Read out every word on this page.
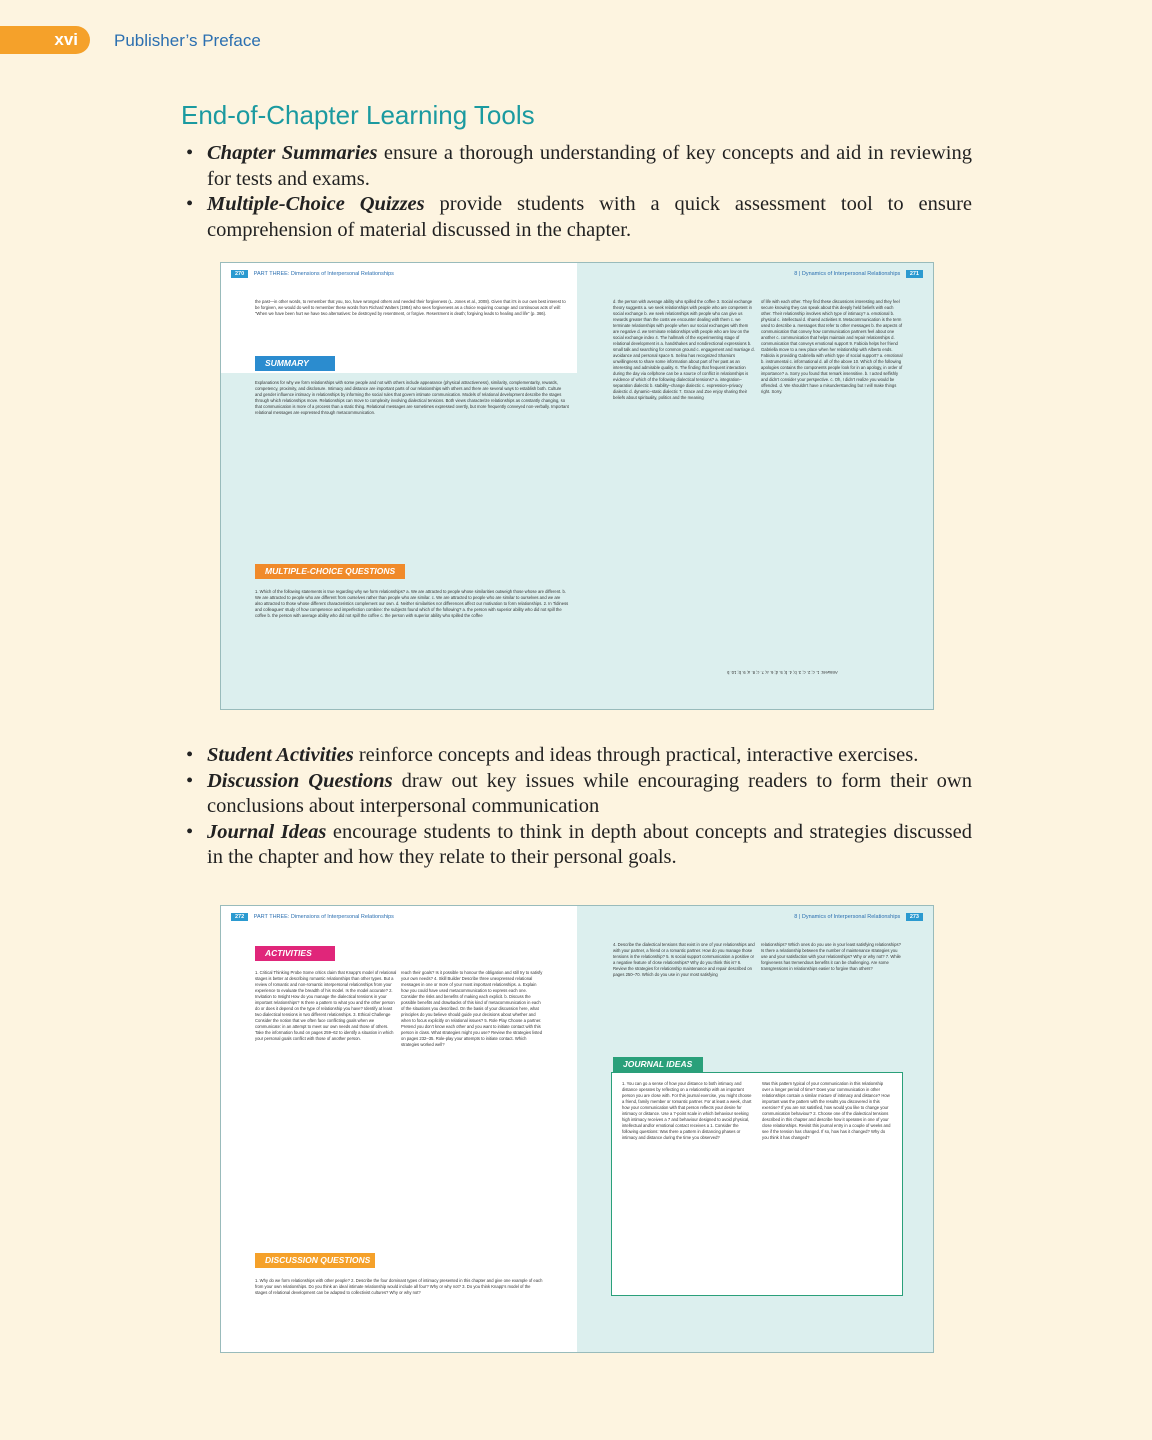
xvi Publisher’s Preface
End-of-Chapter Learning Tools
• Chapter Summaries ensure a thorough understanding of key concepts and aid in reviewing for tests and exams.
• Multiple-Choice Quizzes provide students with a quick assessment tool to ensure comprehension of material discussed in the chapter.
270 PART THREE: Dimensions of Interpersonal Relationships
the past—in other words, to remember that you, too, have wronged others and needed their forgiveness (L. Jones et al., 2008). Given that it’s in our own best interest to be forgiven, we would do well to remember these words from Richard Walters (1984) who sees forgiveness as a choice requiring courage and continuous acts of will: “When we have been hurt we have two alternatives: be destroyed by resentment, or forgive. Resentment is death; forgiving leads to healing and life” (p. 366).
SUMMARY
Explanations for why we form relationships with some people and not with others include appearance (physical attractiveness), similarity, complementarity, rewards, competency, proximity, and disclosure. Intimacy and distance are important parts of our relationships with others and there are several ways to establish both. Culture and gender influence intimacy in relationships by informing the social rules that govern intimate communication. Models of relational development describe the stages through which relationships move. Relationships can move to complexity involving dialectical tensions. Both views characterize relationships as constantly changing, so that communication is more of a process than a static thing. Relational messages are sometimes expressed overtly, but more frequently conveyed non-verbally. Important relational messages are expressed through metacommunication.
MULTIPLE-CHOICE QUESTIONS
1. Which of the following statements is true regarding why we form relationships? a. We are attracted to people whose similarities outweigh those whose are different. b. We are attracted to people who are different from ourselves rather than people who are similar. c. We are attracted to people who are similar to ourselves and we are also attracted to those whose different characteristics complement our own. d. Neither similarities nor differences affect our motivation to form relationships. 2. In Tidiness and colleagues’ study of how competence and imperfection combine: the subjects found which of the following? a. the person with superior ability who did not spill the coffee b. the person with average ability who did not spill the coffee c. the person with superior ability who spilled the coffee
8 | Dynamics of Interpersonal Relationships 271
d. the person with average ability who spilled the coffee 3. Social exchange theory suggests a. we seek relationships with people who are competent in social exchange b. we seek relationships with people who can give us rewards greater than the costs we encounter dealing with them c. we terminate relationships with people when our social exchanges with them are negative d. we terminate relationships with people who are low on the social exchange index 4. The hallmark of the experimenting stage of relational development is a. handshakes and nondirectional expressions b. small talk and searching for common ground c. engagement and marriage d. avoidance and personal space 5. Selina has recognized Shamia’s unwillingness to share some information about part of her past as an interesting and admirable quality. 6. The finding that frequent interaction during the day via cellphone can be a source of conflict in relationships is evidence of which of the following dialectical tensions? a. integration–separation dialectic b. stability–change dialectic c. expression–privacy dialectic d. dynamic–static dialectic 7. Grace and Zoe enjoy sharing their beliefs about spirituality, politics and the meaning
of life with each other. They find these discussions interesting and they feel secure knowing they can speak about this deeply held beliefs with each other. Their relationship involves which type of intimacy? a. emotional b. physical c. intellectual d. shared activities 8. Metacommunication is the term used to describe a. messages that refer to other messages b. the aspects of communication that convey how communication partners feel about one another c. communication that helps maintain and repair relationships d. communication that conveys emotional support 9. Fabiola helps her friend Gabriella move to a new place when her relationship with Alberto ends. Fabiola is providing Gabriella with which type of social support? a. emotional b. instrumental c. informational d. all of the above 10. Which of the following apologies contains the components people look for in an apology, in order of importance? a. Sorry you found that remark insensitive. b. I acted selfishly and didn’t consider your perspective. c. Oh, I didn’t realize you would be offended. d. We shouldn’t have a misunderstanding but I will make things right. Sorry.
Answers: 1. c; 2. c; 3. b; 4. b; 5. d; 6. a; 7. c; 8. a; 9. b; 10. b
• Student Activities reinforce concepts and ideas through practical, interactive exercises.
• Discussion Questions draw out key issues while encouraging readers to form their own conclusions about interpersonal communication
• Journal Ideas encourage students to think in depth about concepts and strategies discussed in the chapter and how they relate to their personal goals.
272 PART THREE: Dimensions of Interpersonal Relationships
ACTIVITIES
1. Critical Thinking Probe Some critics claim that Knapp’s model of relational stages is better at describing romantic relationships than other types. But a review of romantic and non-romantic interpersonal relationships from your experience to evaluate the breadth of his model. Is the model accurate? 2. Invitation to Insight How do you manage the dialectical tensions in your important relationships? Is there a pattern to what you and the other person do or does it depend on the type of relationship you have? Identify at least two dialectical tensions in two different relationships. 3. Ethical Challenge Consider the notion that we often face conflicting goals when we communicate: in an attempt to meet our own needs and those of others. Take the information found on pages 259–62 to identify a situation in which your personal goals conflict with those of another person.
reach their goals? Is it possible to honour the obligation and still try to satisfy your own needs? 4. Skill Builder Describe three unexpressed relational messages in one or more of your most important relationships. a. Explain how you could have used metacommunication to express each one. Consider the risks and benefits of making each explicit. b. Discuss the possible benefits and drawbacks of this kind of metacommunication in each of the situations you described. On the basis of your discussion here, what principles do you believe should guide your decisions about whether and when to focus explicitly on relational issues? 5. Role Play Choose a partner. Pretend you don’t know each other and you want to initiate contact with this person in class. What strategies might you use? Review the strategies listed on pages 232–35. Role-play your attempts to initiate contact. Which strategies worked well?
DISCUSSION QUESTIONS
1. Why do we form relationships with other people? 2. Describe the four dominant types of intimacy presented in this chapter and give one example of each from your own relationships. Do you think an ideal intimate relationship would include all four? Why or why not? 3. Do you think Knapp’s model of the stages of relational development can be adapted to collectivist cultures? Why or why not?
8 | Dynamics of Interpersonal Relationships 273
4. Describe the dialectical tensions that exist in one of your relationships and with your partner, a friend or a romantic partner. How do you manage those tensions in the relationship? 5. Is social support communication a positive or a negative feature of close relationships? Why do you think this is? 6. Review the strategies for relationship maintenance and repair described on pages 250–70. Which do you use in your most satisfying
relationships? Which ones do you use in your least satisfying relationships? Is there a relationship between the number of maintenance strategies you use and your satisfaction with your relationships? Why or why not? 7. While forgiveness has tremendous benefits it can be challenging. Are some transgressions in relationships easier to forgive than others?
JOURNAL IDEAS
1. You can go a sense of how your distance to both intimacy and distance operates by reflecting on a relationship with an important person you are close with. For this journal exercise, you might choose a friend, family member or romantic partner. For at least a week, chart how your communication with that person reflects your desire for intimacy or distance. Use a 7-point scale in which behaviour seeking high intimacy receives a 7 and behaviour designed to avoid physical, intellectual and/or emotional contact receives a 1. Consider the following questions: Was there a pattern in distancing phases or intimacy and distance during the time you observed?
Was this pattern typical of your communication in this relationship over a longer period of time? Does your communication in other relationships contain a similar mixture of intimacy and distance? How important was the pattern with the results you discovered in this exercise? If you are not satisfied, how would you like to change your communication behaviour? 2. Choose one of the dialectical tensions described in this chapter and describe how it operates in one of your close relationships. Revisit this journal entry in a couple of weeks and see if the tension has changed. If so, how has it changed? Why do you think it has changed?
